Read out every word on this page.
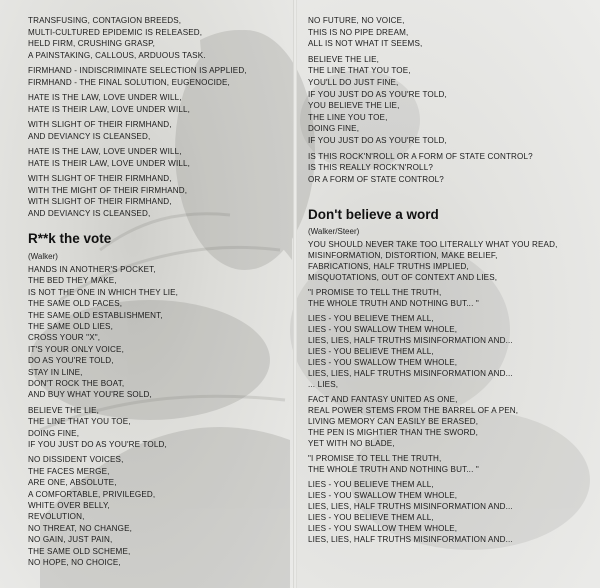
TRANSFUSING, CONTAGION BREEDS,
MULTI-CULTURED EPIDEMIC IS RELEASED,
HELD FIRM, CRUSHING GRASP,
A PAINSTAKING, CALLOUS, ARDUOUS TASK.
FIRMHAND - INDISCRIMINATE SELECTION IS APPLIED,
FIRMHAND - THE FINAL SOLUTION, EUGENOCIDE,
HATE IS THE LAW, LOVE UNDER WILL,
HATE IS THEIR LAW, LOVE UNDER WILL,
WITH SLIGHT OF THEIR FIRMHAND,
AND DEVIANCY IS CLEANSED,
HATE IS THE LAW, LOVE UNDER WILL,
HATE IS THEIR LAW, LOVE UNDER WILL,
WITH SLIGHT OF THEIR FIRMHAND,
WITH THE MIGHT OF THEIR FIRMHAND,
WITH SLIGHT OF THEIR FIRMHAND,
AND DEVIANCY IS CLEANSED,
R**k the vote
(Walker)
HANDS IN ANOTHER'S POCKET,
THE BED THEY MAKE,
IS NOT THE ONE IN WHICH THEY LIE,
THE SAME OLD FACES,
THE SAME OLD ESTABLISHMENT,
THE SAME OLD LIES,
CROSS YOUR "X",
IT'S YOUR ONLY VOICE,
DO AS YOU'RE TOLD,
STAY IN LINE,
DON'T ROCK THE BOAT,
AND BUY WHAT YOU'RE SOLD,
BELIEVE THE LIE,
THE LINE THAT YOU TOE,
DOING FINE,
IF YOU JUST DO AS YOU'RE TOLD,
NO DISSIDENT VOICES,
THE FACES MERGE,
ARE ONE, ABSOLUTE,
A COMFORTABLE, PRIVILEGED,
WHITE OVER BELLY,
REVOLUTION,
NO THREAT, NO CHANGE,
NO GAIN, JUST PAIN,
THE SAME OLD SCHEME,
NO HOPE, NO CHOICE,
NO FUTURE, NO VOICE,
THIS IS NO PIPE DREAM,
ALL IS NOT WHAT IT SEEMS,
BELIEVE THE LIE,
THE LINE THAT YOU TOE,
YOU'LL DO JUST FINE,
IF YOU JUST DO AS YOU'RE TOLD,
YOU BELIEVE THE LIE,
THE LINE YOU TOE,
DOING FINE,
IF YOU JUST DO AS YOU'RE TOLD,
IS THIS ROCK'N'ROLL OR A FORM OF STATE CONTROL?
IS THIS REALLY ROCK'N'ROLL?
OR A FORM OF STATE CONTROL?
Don't believe a word
(Walker/Steer)
YOU SHOULD NEVER TAKE TOO LITERALLY WHAT YOU READ,
MISINFORMATION, DISTORTION, MAKE BELIEF,
FABRICATIONS, HALF TRUTHS IMPLIED,
MISQUOTATIONS, OUT OF CONTEXT AND LIES,
"I PROMISE TO TELL THE TRUTH,
THE WHOLE TRUTH AND NOTHING BUT... "
LIES - YOU BELIEVE THEM ALL,
LIES - YOU SWALLOW THEM WHOLE,
LIES, LIES, HALF TRUTHS MISINFORMATION AND...
LIES - YOU BELIEVE THEM ALL,
LIES - YOU SWALLOW THEM WHOLE,
LIES, LIES, HALF TRUTHS MISINFORMATION AND...
... LIES,
FACT AND FANTASY UNITED AS ONE,
REAL POWER STEMS FROM THE BARREL OF A PEN,
LIVING MEMORY CAN EASILY BE ERASED,
THE PEN IS MIGHTIER THAN THE SWORD,
YET WITH NO BLADE,
"I PROMISE TO TELL THE TRUTH,
THE WHOLE TRUTH AND NOTHING BUT... "
LIES - YOU BELIEVE THEM ALL,
LIES - YOU SWALLOW THEM WHOLE,
LIES, LIES, HALF TRUTHS MISINFORMATION AND...
LIES - YOU BELIEVE THEM ALL,
LIES - YOU SWALLOW THEM WHOLE,
LIES, LIES, HALF TRUTHS MISINFORMATION AND...
